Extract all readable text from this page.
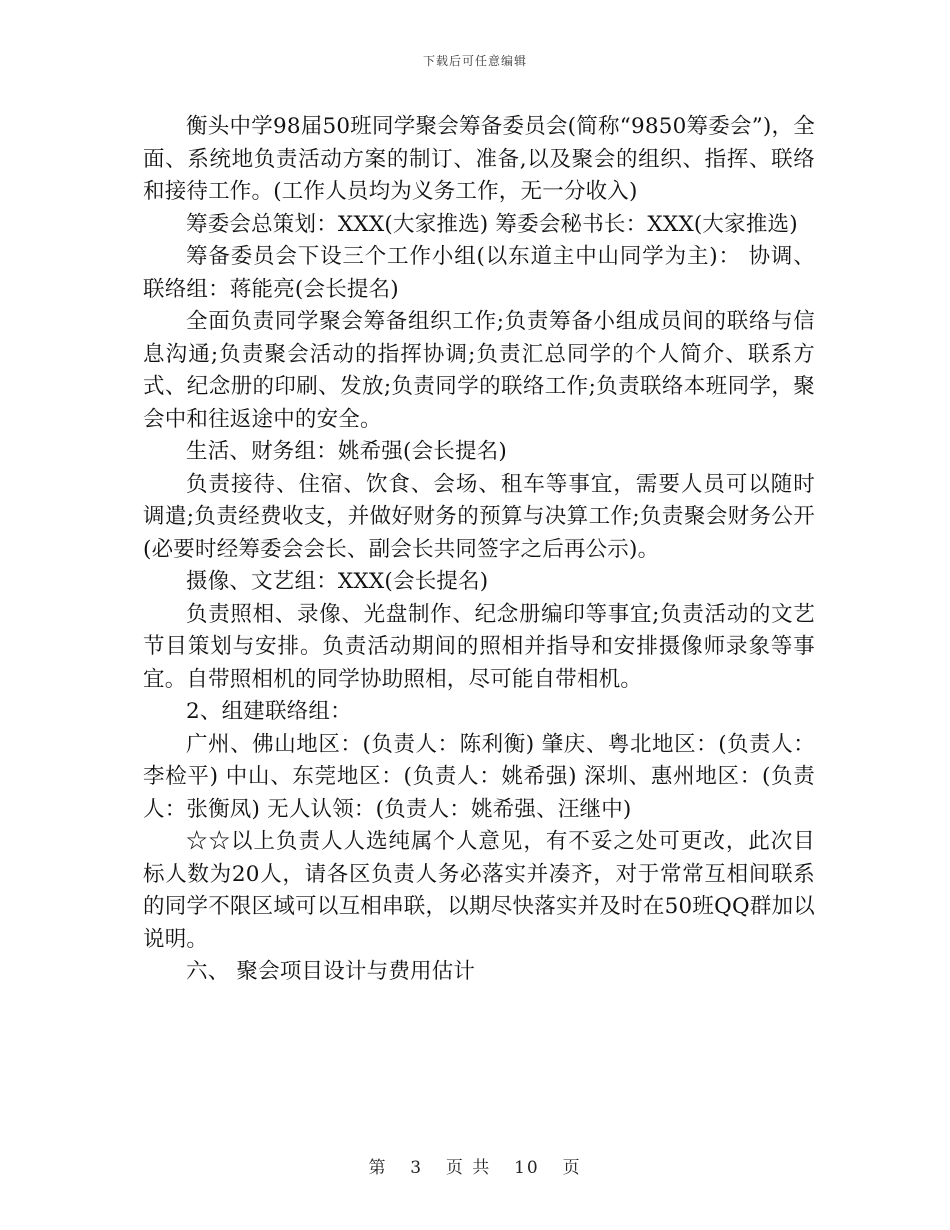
下载后可任意编辑

衡头中学98届50班同学聚会筹备委员会(简称“9850筹委会”)，全面、系统地负责活动方案的制订、准备,以及聚会的组织、指挥、联络和接待工作。(工作人员均为义务工作，无一分收入)

筹委会总策划：XXX(大家推选) 筹委会秘书长：XXX(大家推选)

筹备委员会下设三个工作小组(以东道主中山同学为主)： 协调、联络组：蒋能亮(会长提名)

全面负责同学聚会筹备组织工作;负责筹备小组成员间的联络与信息沟通;负责聚会活动的指挥协调;负责汇总同学的个人简介、联系方式、纪念册的印刷、发放;负责同学的联络工作;负责联络本班同学，聚会中和往返途中的安全。

生活、财务组：姚希强(会长提名)

负责接待、住宿、饮食、会场、租车等事宜，需要人员可以随时调遣;负责经费收支，并做好财务的预算与决算工作;负责聚会财务公开(必要时经筹委会会长、副会长共同签字之后再公示)。

摄像、文艺组：XXX(会长提名)

负责照相、录像、光盘制作、纪念册编印等事宜;负责活动的文艺节目策划与安排。负责活动期间的照相并指导和安排摄像师录象等事宜。自带照相机的同学协助照相，尽可能自带相机。

2、组建联络组：

广州、佛山地区：(负责人：陈利衡) 肇庆、粤北地区：(负责人：李检平) 中山、东莞地区：(负责人：姚希强) 深圳、惠州地区：(负责人：张衡凤) 无人认领：(负责人：姚希强、汪继中)

☆☆以上负责人人选纯属个人意见，有不妥之处可更改，此次目标人数为20人，请各区负责人务必落实并凑齐，对于常常互相间联系的同学不限区域可以互相串联，以期尽快落实并及时在50班QQ群加以说明。

六、 聚会项目设计与费用估计

第 3 页 共 10 页
